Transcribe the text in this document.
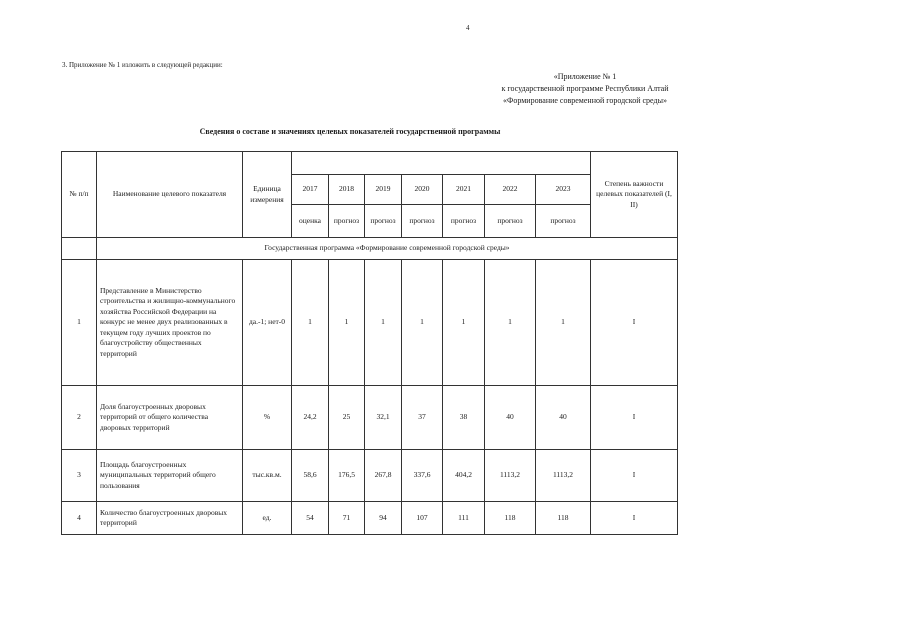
4
3. Приложение № 1 изложить в следующей редакции:
«Приложение № 1
к государственной программе Республики Алтай
«Формирование современной городской среды»
Сведения о составе и значениях целевых показателей государственной программы
№ п/п	Наименование целевого показателя	Единица измерения								Степень важности целевых показателей (I, II)
			2017	2018	2019	2020	2021	2022	2023	
			оценка	прогноз	прогноз	прогноз	прогноз	прогноз	прогноз	
	Государственная программа «Формирование современной городской среды»									
1	Представление в Министерство строительства и жилищно-коммунального хозяйства Российской Федерации на конкурс не менее двух реализованных в текущем году лучших проектов по благоустройству общественных территорий	да.-1; нет-0	1	1	1	1	1	1	1	I
2	Доля благоустроенных дворовых территорий от общего количества дворовых территорий	%	24,2	25	32,1	37	38	40	40	I
3	Площадь благоустроенных муниципальных территорий общего пользования	тыс.кв.м.	58,6	176,5	267,8	337,6	404,2	1113,2	1113,2	I
4	Количество благоустроенных дворовых территорий	ед.	54	71	94	107	111	118	118	I
